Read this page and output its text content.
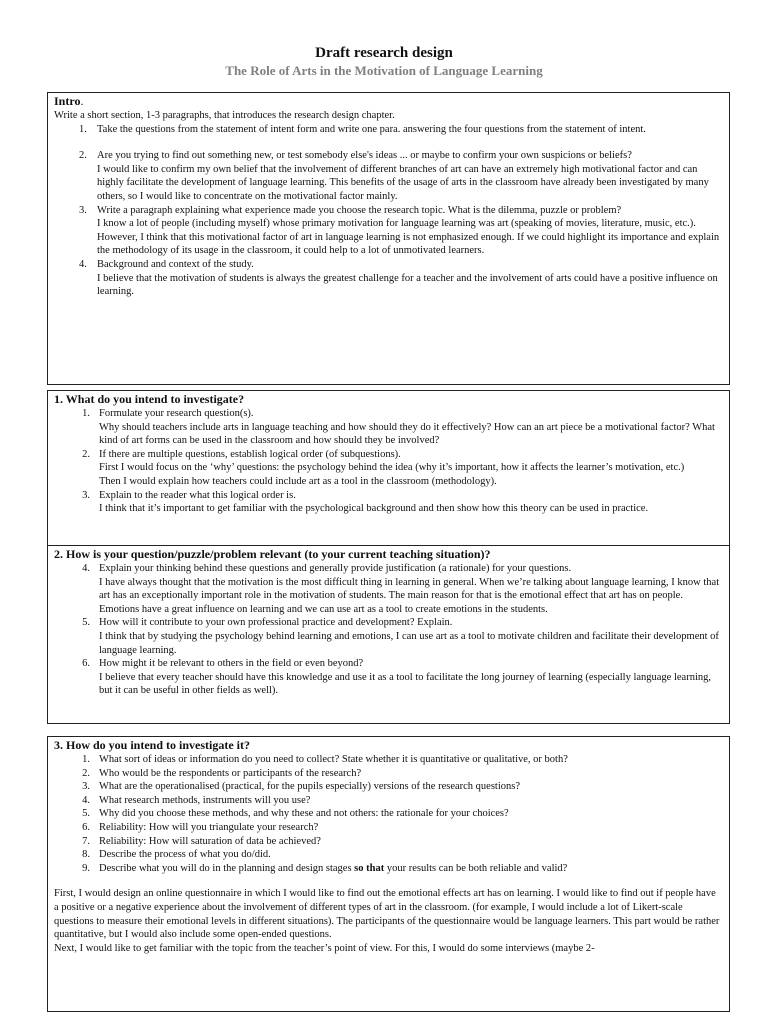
Draft research design
The Role of Arts in the Motivation of Language Learning
Intro.

Write a short section, 1-3 paragraphs, that introduces the research design chapter.

1. Take the questions from the statement of intent form and write one para. answering the four questions from the statement of intent.
2. Are you trying to find out something new, or test somebody else's ideas ... or maybe to confirm your own suspicions or beliefs?
I would like to confirm my own belief that the involvement of different branches of art can have an extremely high motivational factor and can highly facilitate the development of language learning. This benefits of the usage of arts in the classroom have already been investigated by many others, so I would like to concentrate on the motivational factor mainly.
3. Write a paragraph explaining what experience made you choose the research topic. What is the dilemma, puzzle or problem?
I know a lot of people (including myself) whose primary motivation for language learning was art (speaking of movies, literature, music, etc.). However, I think that this motivational factor of art in language learning is not emphasized enough. If we could highlight its importance and explain the methodology of its usage in the classroom, it could help to a lot of unmotivated learners.
4. Background and context of the study.
I believe that the motivation of students is always the greatest challenge for a teacher and the involvement of arts could have a positive influence on learning.
1. What do you intend to investigate?
1. Formulate your research question(s).
Why should teachers include arts in language teaching and how should they do it effectively? How can an art piece be a motivational factor? What kind of art forms can be used in the classroom and how should they be involved?
2. If there are multiple questions, establish logical order (of subquestions).
First I would focus on the ‘why’ questions: the psychology behind the idea (why it’s important, how it affects the learner’s motivation, etc.)
Then I would explain how teachers could include art as a tool in the classroom (methodology).
3. Explain to the reader what this logical order is.
I think that it’s important to get familiar with the psychological background and then show how this theory can be used in practice.
2. How is your question/puzzle/problem relevant (to your current teaching situation)?
4. Explain your thinking behind these questions and generally provide justification (a rationale) for your questions.
I have always thought that the motivation is the most difficult thing in learning in general. When we’re talking about language learning, I know that art has an exceptionally important role in the motivation of students. The main reason for that is the emotional effect that art has on people. Emotions have a great influence on learning and we can use art as a tool to create emotions in the students.
5. How will it contribute to your own professional practice and development? Explain.
I think that by studying the psychology behind learning and emotions, I can use art as a tool to motivate children and facilitate their development of language learning.
6. How might it be relevant to others in the field or even beyond?
I believe that every teacher should have this knowledge and use it as a tool to facilitate the long journey of learning (especially language learning, but it can be useful in other fields as well).
3. How do you intend to investigate it?
1. What sort of ideas or information do you need to collect? State whether it is quantitative or qualitative, or both?
2. Who would be the respondents or participants of the research?
3. What are the operationalised (practical, for the pupils especially) versions of the research questions?
4. What research methods, instruments will you use?
5. Why did you choose these methods, and why these and not others: the rationale for your choices?
6. Reliability: How will you triangulate your research?
7. Reliability: How will saturation of data be achieved?
8. Describe the process of what you do/did.
9. Describe what you will do in the planning and design stages so that your results can be both reliable and valid?

First, I would design an online questionnaire in which I would like to find out the emotional effects art has on learning. I would like to find out if people have a positive or a negative experience about the involvement of different types of art in the classroom. (for example, I would include a lot of Likert-scale questions to measure their emotional levels in different situations). The participants of the questionnaire would be language learners. This part would be rather quantitative, but I would also include some open-ended questions.

Next, I would like to get familiar with the topic from the teacher’s point of view. For this, I would do some interviews (maybe 2-
